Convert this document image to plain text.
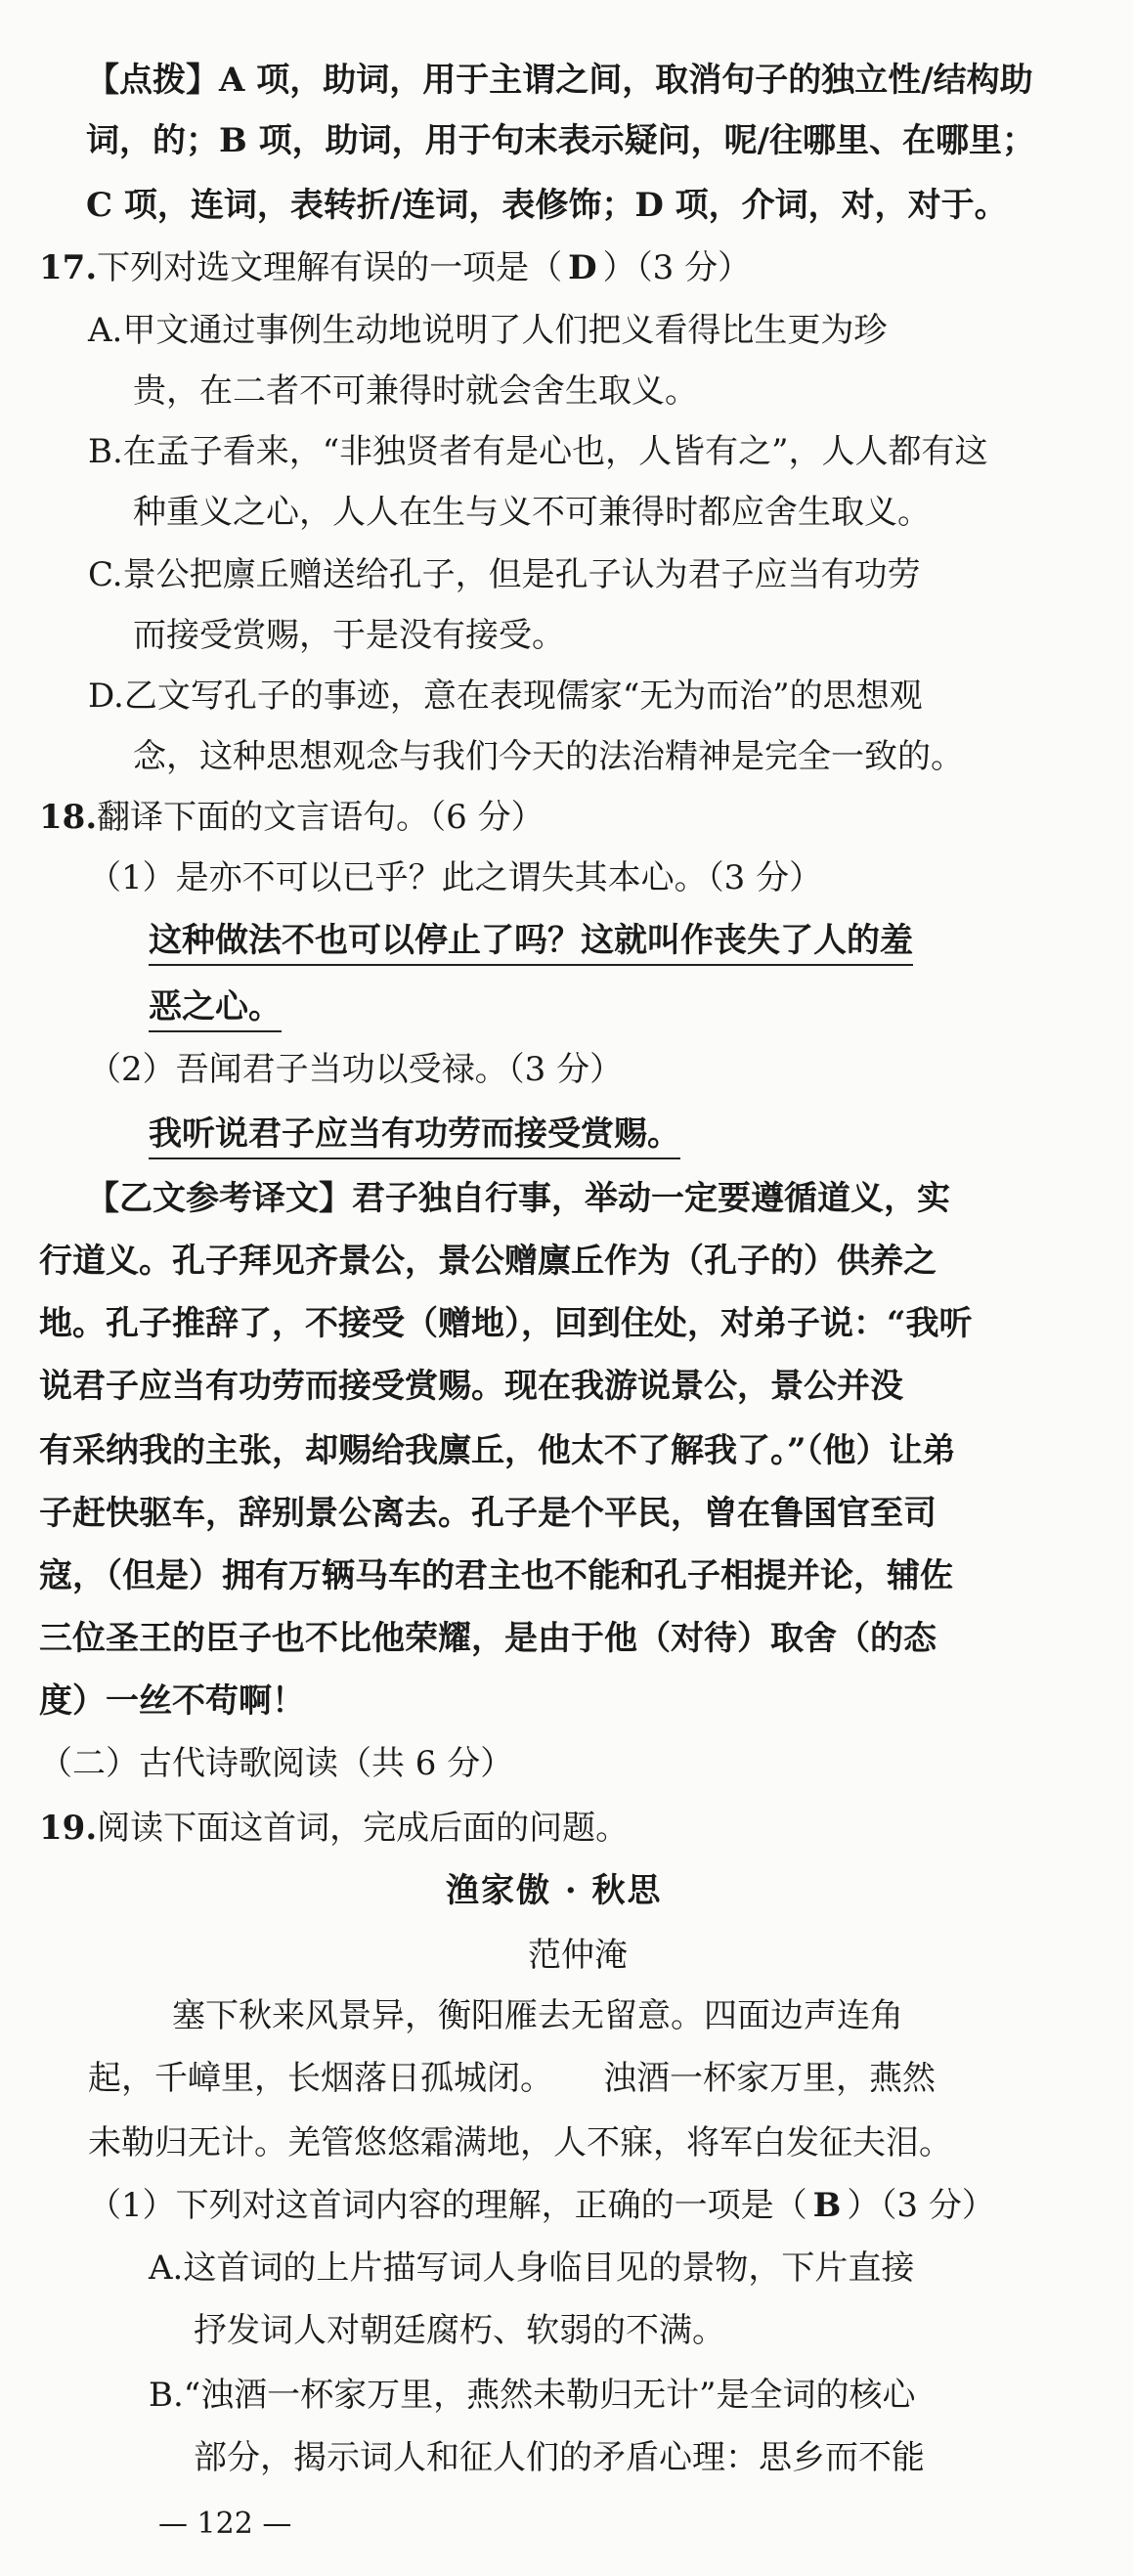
【点拨】A 项，助词，用于主谓之间，取消句子的独立性/结构助
词，的；B 项，助词，用于句末表示疑问，呢/往哪里、在哪里；
C 项，连词，表转折/连词，表修饰；D 项，介词，对，对于。
17.下列对选文理解有误的一项是（ D ）（3 分）
A.甲文通过事例生动地说明了人们把义看得比生更为珍
贵，在二者不可兼得时就会舍生取义。
B.在孟子看来，“非独贤者有是心也，人皆有之”，人人都有这
种重义之心，人人在生与义不可兼得时都应舍生取义。
C.景公把廪丘赠送给孔子，但是孔子认为君子应当有功劳
而接受赏赐，于是没有接受。
D.乙文写孔子的事迹，意在表现儒家“无为而治”的思想观
念，这种思想观念与我们今天的法治精神是完全一致的。
18.翻译下面的文言语句。（6 分）
（1）是亦不可以已乎？此之谓失其本心。（3 分）
这种做法不也可以停止了吗？这就叫作丧失了人的羞
恶之心。
（2）吾闻君子当功以受禄。（3 分）
我听说君子应当有功劳而接受赏赐。
【乙文参考译文】君子独自行事，举动一定要遵循道义，实
行道义。孔子拜见齐景公，景公赠廪丘作为（孔子的）供养之
地。孔子推辞了，不接受（赠地），回到住处，对弟子说：“我听
说君子应当有功劳而接受赏赐。现在我游说景公，景公并没
有采纳我的主张，却赐给我廪丘，他太不了解我了。”（他）让弟
子赶快驱车，辞别景公离去。孔子是个平民，曾在鲁国官至司
寇，（但是）拥有万辆马车的君主也不能和孔子相提并论，辅佐
三位圣王的臣子也不比他荣耀，是由于他（对待）取舍（的态
度）一丝不苟啊！
（二）古代诗歌阅读（共 6 分）
19.阅读下面这首词，完成后面的问题。
渔家傲 · 秋思
范仲淹
塞下秋来风景异，衡阳雁去无留意。四面边声连角
起，千嶂里，长烟落日孤城闭。　　浊酒一杯家万里，燕然
未勒归无计。羌管悠悠霜满地，人不寐，将军白发征夫泪。
（1）下列对这首词内容的理解，正确的一项是（ B ）（3 分）
A.这首词的上片描写词人身临目见的景物，下片直接
抒发词人对朝廷腐朽、软弱的不满。
B.“浊酒一杯家万里，燕然未勒归无计”是全词的核心
部分，揭示词人和征人们的矛盾心理：思乡而不能
— 122 —
